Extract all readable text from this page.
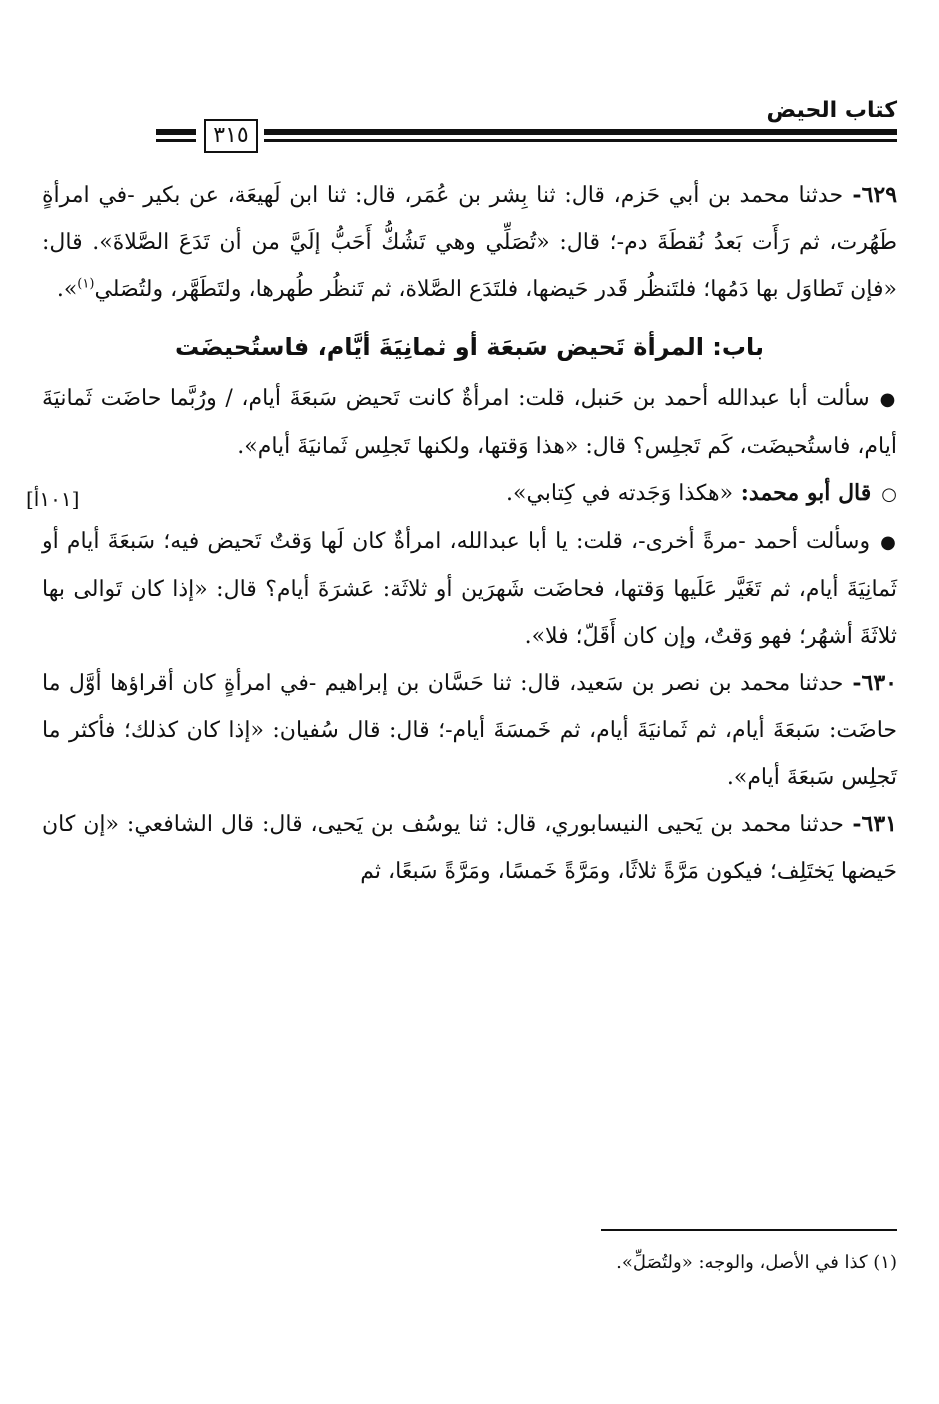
كتاب الحيض
٣١٥
[١٠١أ]

٦٢٩- حدثنا محمد بن أبي حَزم، قال: ثنا بِشر بن عُمَر، قال: ثنا ابن لَهيعَة، عن بكير -في امرأةٍ طَهُرت، ثم رَأَت بَعدُ نُقطَةَ دم-؛ قال: «تُصَلِّي وهي تَشُكُّ أَحَبُّ إلَيَّ من أن تَدَعَ الصَّلاةَ». قال: «فإن تَطاوَل بها دَمُها؛ فلتَنظُر قَدر حَيضها، فلتَدَع الصَّلاة، ثم تَنظُر طُهرها، ولتَطَهَّر، ولتُصَلي$^{(١)}$».

باب: المرأة تَحيض سَبعَة أو ثمانِيَةَ أيَّام، فاستُحيضَت

●سألت أبا عبدالله أحمد بن حَنبل، قلت: امرأةٌ كانت تَحيض سَبعَةَ أيام، / ورُبَّما حاضَت ثَمانيَةَ أيام، فاستُحيضَت، كَم تَجلِس؟ قال: «هذا وَقتها، ولكنها تَجلِس ثَمانيَةَ أيام».

○قال أبو محمد: «هكذا وَجَدته في كِتابي».

●وسألت أحمد -مرةً أخرى-، قلت: يا أبا عبدالله، امرأةٌ كان لَها وَقتٌ تَحيض فيه؛ سَبعَةَ أيام أو ثَمانِيَةَ أيام، ثم تَغَيَّر عَلَيها وَقتها، فحاضَت شَهرَين أو ثلاثَة: عَشرَةَ أيام؟ قال: «إذا كان تَوالى بها ثلاثَةَ أشهُر؛ فهو وَقتٌ، وإن كان أَقَلّ؛ فلا».

٦٣٠- حدثنا محمد بن نصر بن سَعيد، قال: ثنا حَسَّان بن إبراهيم -في امرأةٍ كان أقراؤها أوَّل ما حاضَت: سَبعَةَ أيام، ثم ثَمانيَةَ أيام، ثم خَمسَةَ أيام-؛ قال: قال سُفيان: «إذا كان كذلك؛ فأكثر ما تَجلِس سَبعَةَ أيام».

٦٣١- حدثنا محمد بن يَحيى النيسابوري، قال: ثنا يوسُف بن يَحيى، قال: قال الشافعي: «إن كان حَيضها يَختَلِف؛ فيكون مَرَّةً ثلاثًا، ومَرَّةً خَمسًا، ومَرَّةً سَبعًا، ثم

(١) كذا في الأصل، والوجه: «ولتُصَلِّ».
